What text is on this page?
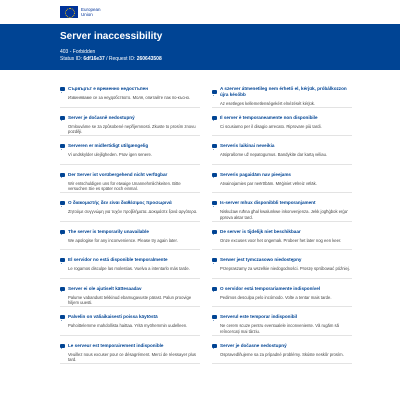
European
Union
Server inaccessibility
403 - Forbidden
Status ID: 6df16e37 / Request ID: 260643508
Сървърът е временно недостъпен
Извиняваме се за неудобството. Моля, опитайте пак по-късно.
A szerver átmenetileg nem érhető el, kérjük, próbálkozzon újra később
Az esetleges kellemetlenségekért elnézését kérjük.
Server je dočasně nedostupný
Omlouváme se za způsobené nepříjemnosti. Zkuste to prosím znovu později.
Il server è temporaneamente non disponibile
Ci scusiamo per il disagio arrecato. Riprovare più tardi.
Serveren er midlertidigt utilgængelig
Vi undskylder ulejligheden. Prøv igen senere.
Serveris laikinai neveikia
Atsiprašome už nepatogumus. Bandykite dar kartą vėliau.
Der Server ist vorübergehend nicht verfügbar
Wir entschuldigen uns für etwaige Unannehmlichkeiten. Bitte versuchen Sie es später noch einmal.
Serveris pagaidām nav pieejams
Atvainojamies par neērtībām. Mēģiniet vēlreiz vēlāk.
Ο διακομιστής δεν είναι διαθέσιμος προσωρινά
Ζητούμε συγγνώμη για τυχόν προβλήματα. Δοκιμάστε ξανά αργότερα.
Is-server mhux disponibbli temporanjament
Niskużaw ruħna għal kwalunkwe inkonvenjenza. Jekk jogħġbok erġa' pprova aktar tard.
The server is temporarily unavailable
We apologise for any inconvenience. Please try again later.
De server is tijdelijk niet beschikbaar
Onze excuses voor het ongemak. Probeer het later nog een keer.
El servidor no está disponible temporalmente
Le rogamos disculpe las molestias. Vuelva a intentarlo más tarde.
Serwer jest tymczasowo niedostępny
Przepraszamy za wszelkie niedogodności. Proszę spróbować później.
Server ei ole ajutiselt kättesaadav
Palume vabandust tekkinud ebamugavuste pärast. Palun proovige hiljem uuesti.
O servidor está temporariamente indisponível
Pedimos desculpa pelo incómodo. Volte a tentar mais tarde.
Palvelin on väliaikaisesti poissa käytöstä
Pahoittelemme mahdollista haittaa. Yritä myöhemmin uudelleen.
Serverul este temporar indisponibil
Ne cerem scuze pentru eventualele inconveniente. Vă rugăm să reîncercați mai târziu.
Le serveur est temporairement indisponible
Veuillez nous excuser pour ce désagrément. Merci de réessayer plus tard.
Server je dočasne nedostupný
Ospravedlňujeme sa za prípadné problémy. Skúste neskôr prosím.
